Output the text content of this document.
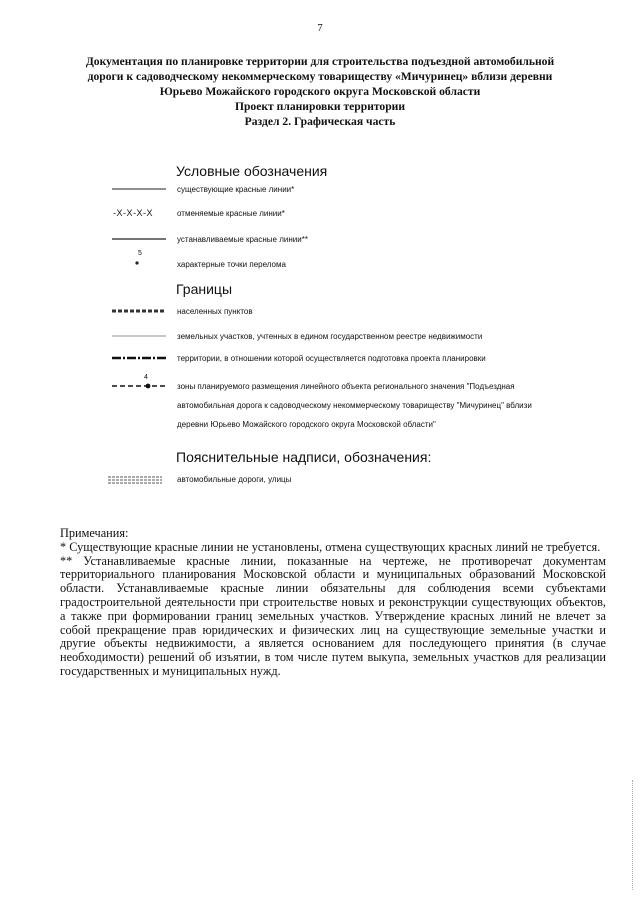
7
Документация по планировке территории для строительства подъездной автомобильной
дороги к садоводческому некоммерческому товариществу «Мичуринец» вблизи деревни
Юрьево Можайского городского округа Московской области
Проект планировки территории
Раздел 2. Графическая часть
Условные обозначения
существующие красные линии*
-X-X-X-X	отменяемые красные линии*
устанавливаемые красные линии**
5
характерные точки перелома
Границы
населенных пунктов
земельных участков, учтенных в едином государственном реестре недвижимости
территории, в отношении которой осуществляется подготовка проекта планировки
4
зоны планируемого размещения линейного объекта регионального значения "Подъездная
автомобильная дорога к садоводческому некоммерческому товариществу "Мичуринец" вблизи
деревни Юрьево Можайского городского округа Московской области"
Пояснительные надписи, обозначения:
автомобильные дороги, улицы

Примечания:

* Существующие красные линии не установлены, отмена существующих красных линий не требуется.

** Устанавливаемые красные линии, показанные на чертеже, не противоречат документам территориального планирования Московской области и муниципальных образований Московской области. Устанавливаемые красные линии обязательны для соблюдения всеми субъектами градостроительной деятельности при строительстве новых и реконструкции существующих объектов, а также при формировании границ земельных участков. Утверждение красных линий не влечет за собой прекращение прав юридических и физических лиц на существующие земельные участки и другие объекты недвижимости, а является основанием для последующего принятия (в случае необходимости) решений об изъятии, в том числе путем выкупа, земельных участков для реализации государственных и муниципальных нужд.
